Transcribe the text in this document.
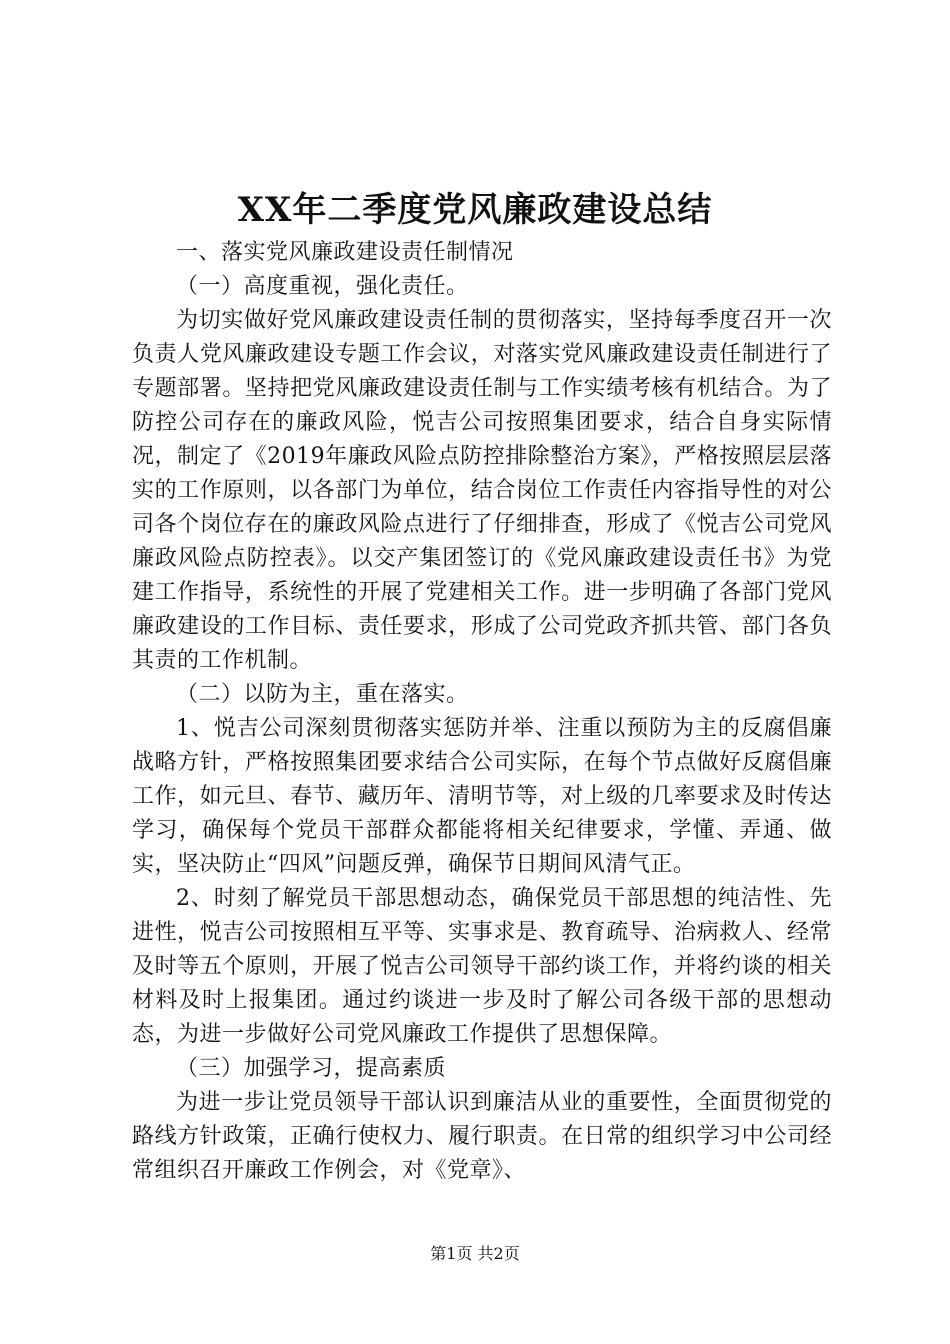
XX年二季度党风廉政建设总结

一、落实党风廉政建设责任制情况

（一）高度重视，强化责任。

为切实做好党风廉政建设责任制的贯彻落实，坚持每季度召开一次负责人党风廉政建设专题工作会议，对落实党风廉政建设责任制进行了专题部署。坚持把党风廉政建设责任制与工作实绩考核有机结合。为了防控公司存在的廉政风险，悦吉公司按照集团要求，结合自身实际情况，制定了《2019年廉政风险点防控排除整治方案》，严格按照层层落实的工作原则，以各部门为单位，结合岗位工作责任内容指导性的对公司各个岗位存在的廉政风险点进行了仔细排查，形成了《悦吉公司党风廉政风险点防控表》。以交产集团签订的《党风廉政建设责任书》为党建工作指导，系统性的开展了党建相关工作。进一步明确了各部门党风廉政建设的工作目标、责任要求，形成了公司党政齐抓共管、部门各负其责的工作机制。

（二）以防为主，重在落实。

1、悦吉公司深刻贯彻落实惩防并举、注重以预防为主的反腐倡廉战略方针，严格按照集团要求结合公司实际，在每个节点做好反腐倡廉工作，如元旦、春节、藏历年、清明节等，对上级的几率要求及时传达学习，确保每个党员干部群众都能将相关纪律要求，学懂、弄通、做实，坚决防止“四风”问题反弹，确保节日期间风清气正。

2、时刻了解党员干部思想动态，确保党员干部思想的纯洁性、先进性，悦吉公司按照相互平等、实事求是、教育疏导、治病救人、经常及时等五个原则，开展了悦吉公司领导干部约谈工作，并将约谈的相关材料及时上报集团。通过约谈进一步及时了解公司各级干部的思想动态，为进一步做好公司党风廉政工作提供了思想保障。

（三）加强学习，提高素质

为进一步让党员领导干部认识到廉洁从业的重要性，全面贯彻党的路线方针政策，正确行使权力、履行职责。在日常的组织学习中公司经常组织召开廉政工作例会，对《党章》、

第1页 共2页
